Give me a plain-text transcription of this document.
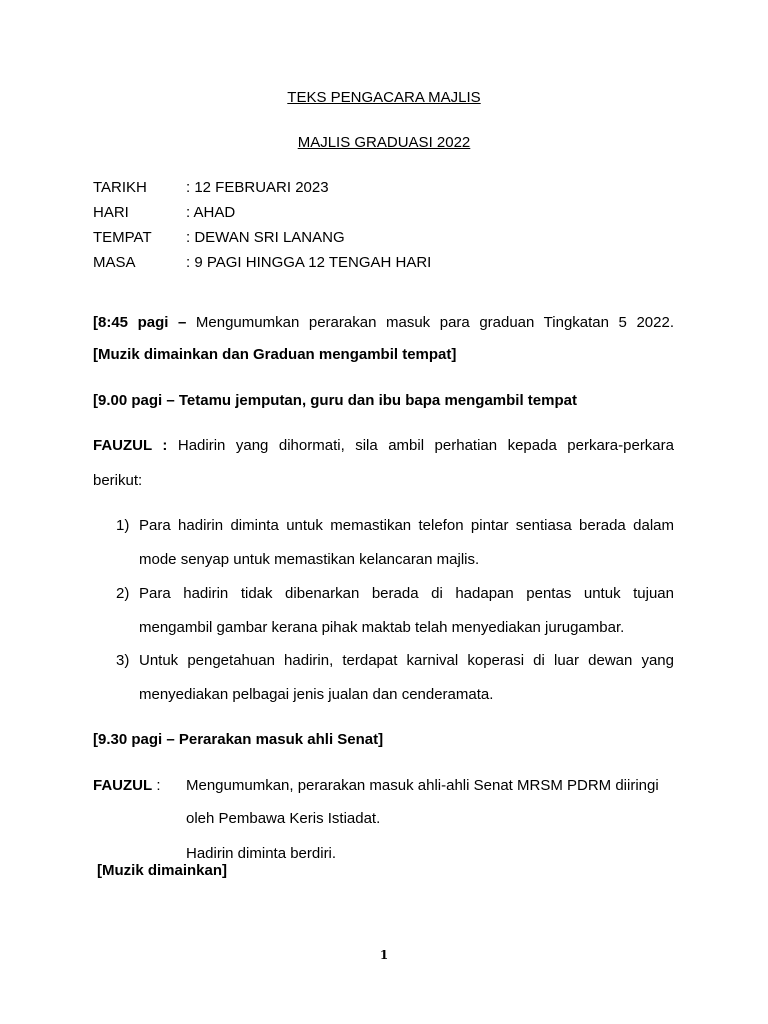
TEKS PENGACARA MAJLIS
MAJLIS GRADUASI 2022
TARIKH	: 12 FEBRUARI 2023
HARI	: AHAD
TEMPAT : DEWAN SRI LANANG
MASA	: 9 PAGI HINGGA 12 TENGAH HARI
[8:45 pagi – Mengumumkan perarakan masuk para graduan Tingkatan 5 2022.
[Muzik dimainkan dan Graduan mengambil tempat]
[9.00 pagi – Tetamu jemputan, guru dan ibu bapa mengambil tempat
FAUZUL : Hadirin yang dihormati, sila ambil perhatian kepada perkara-perkara
berikut:
1) Para hadirin diminta untuk memastikan telefon pintar sentiasa berada dalam
mode senyap untuk memastikan kelancaran majlis.
2) Para hadirin tidak dibenarkan berada di hadapan pentas untuk tujuan
mengambil gambar kerana pihak maktab telah menyediakan jurugambar.
3) Untuk pengetahuan hadirin, terdapat karnival koperasi di luar dewan yang
menyediakan pelbagai jenis jualan dan cenderamata.
[9.30 pagi – Perarakan masuk ahli Senat]
FAUZUL : Mengumumkan, perarakan masuk ahli-ahli Senat MRSM PDRM diiringi
oleh Pembawa Keris Istiadat.
Hadirin diminta berdiri.
[Muzik dimainkan]
1
